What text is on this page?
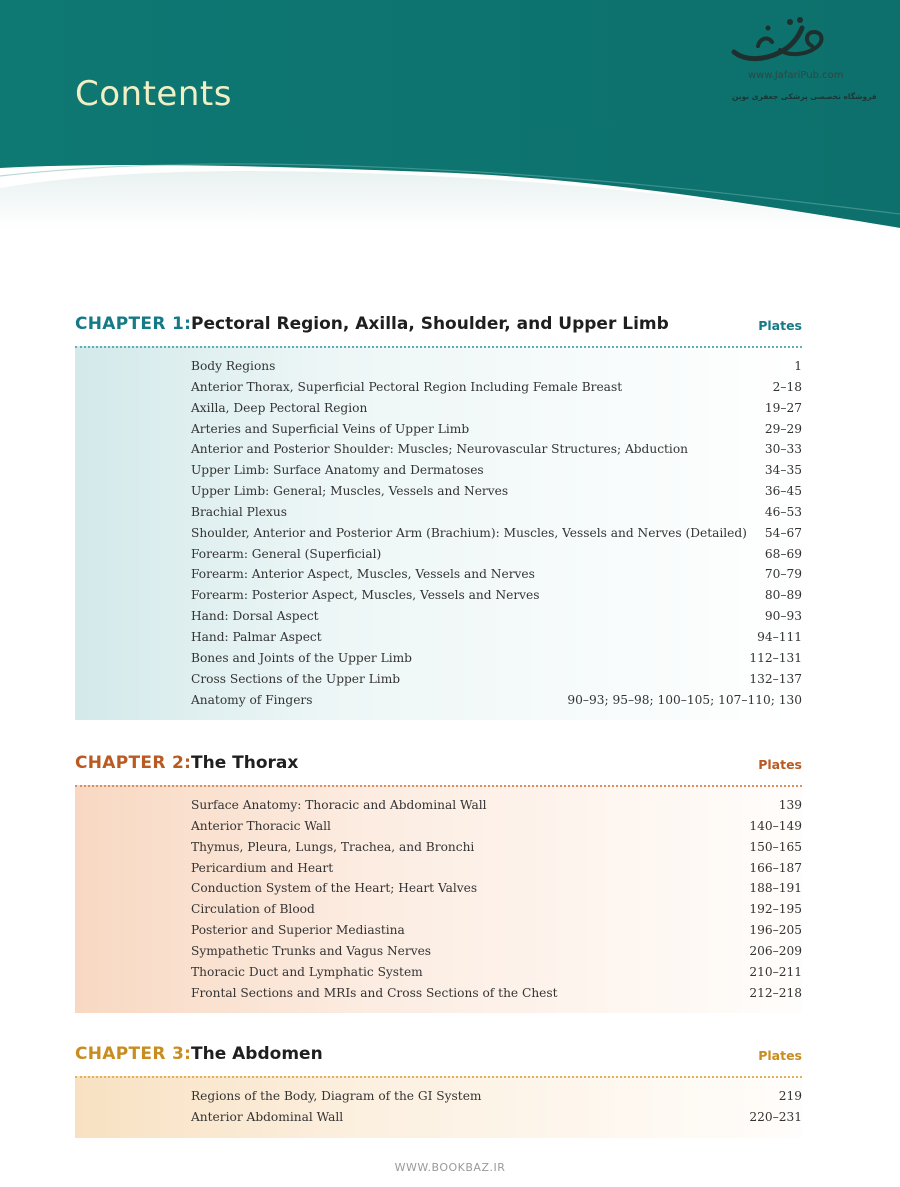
Contents	www.JafariPub.com
فروشگاه تخصصی پزشکی جعفری نوین
CHAPTER 1: Pectoral Region, Axilla, Shoulder, and Upper Limb	Plates
Body Regions	1
Anterior Thorax, Superficial Pectoral Region Including Female Breast	2–18
Axilla, Deep Pectoral Region	19–27
Arteries and Superficial Veins of Upper Limb	29–29
Anterior and Posterior Shoulder: Muscles; Neurovascular Structures; Abduction	30–33
Upper Limb: Surface Anatomy and Dermatoses	34–35
Upper Limb: General; Muscles, Vessels and Nerves	36–45
Brachial Plexus	46–53
Shoulder, Anterior and Posterior Arm (Brachium): Muscles, Vessels and Nerves (Detailed) 54–67
Forearm: General (Superficial)	68–69
Forearm: Anterior Aspect, Muscles, Vessels and Nerves	70–79
Forearm: Posterior Aspect, Muscles, Vessels and Nerves	80–89
Hand: Dorsal Aspect	90–93
Hand: Palmar Aspect	94–111
Bones and Joints of the Upper Limb	112–131
Cross Sections of the Upper Limb	132–137
Anatomy of Fingers	90–93; 95–98; 100–105; 107–110; 130
CHAPTER 2: The Thorax	Plates
Surface Anatomy: Thoracic and Abdominal Wall	139
Anterior Thoracic Wall	140–149
Thymus, Pleura, Lungs, Trachea, and Bronchi	150–165
Pericardium and Heart	166–187
Conduction System of the Heart; Heart Valves	188–191
Circulation of Blood	192–195
Posterior and Superior Mediastina	196–205
Sympathetic Trunks and Vagus Nerves	206–209
Thoracic Duct and Lymphatic System	210–211
Frontal Sections and MRIs and Cross Sections of the Chest	212–218
CHAPTER 3: The Abdomen	Plates
Regions of the Body, Diagram of the GI System	219
Anterior Abdominal Wall	220–231
WWW.BOOKBAZ.IR
